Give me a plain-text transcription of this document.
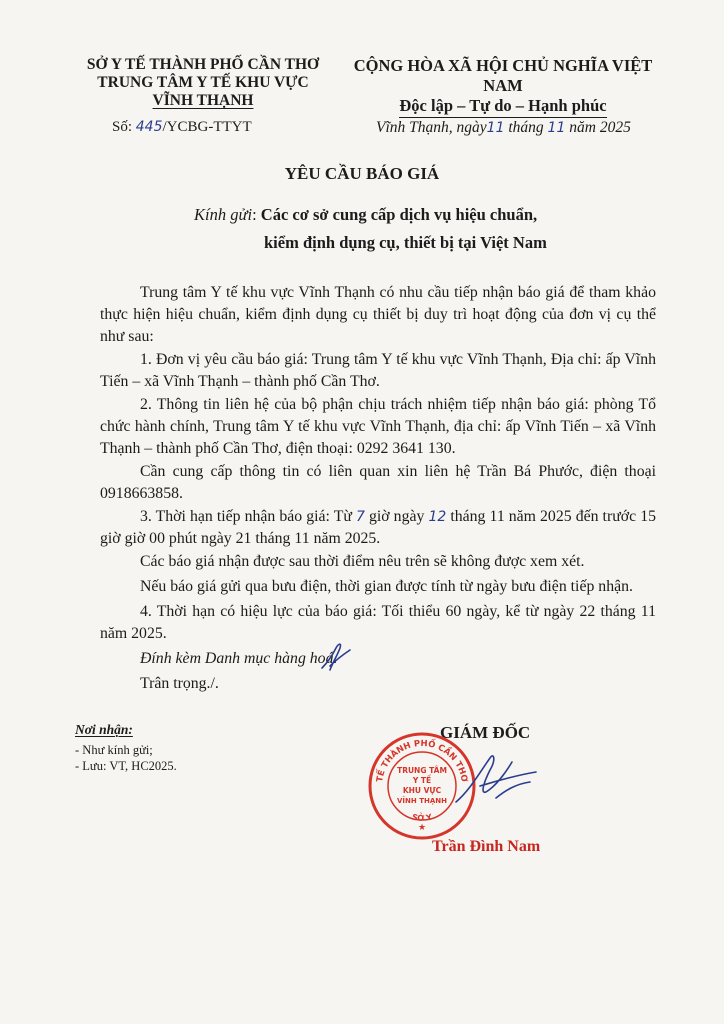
SỞ Y TẾ THÀNH PHỐ CẦN THƠ
TRUNG TÂM Y TẾ KHU VỰC
VĨNH THẠNH
CỘNG HÒA XÃ HỘI CHỦ NGHĨA VIỆT NAM
Độc lập – Tự do – Hạnh phúc
Số: 445/YCBG-TTYT	Vĩnh Thạnh, ngày11 tháng 11 năm 2025
YÊU CẦU BÁO GIÁ
Kính gửi: Các cơ sở cung cấp dịch vụ hiệu chuẩn,
kiểm định dụng cụ, thiết bị tại Việt Nam

Trung tâm Y tế khu vực Vĩnh Thạnh có nhu cầu tiếp nhận báo giá để tham khảo thực hiện hiệu chuẩn, kiểm định dụng cụ thiết bị duy trì hoạt động của đơn vị cụ thể như sau:

1. Đơn vị yêu cầu báo giá: Trung tâm Y tế khu vực Vĩnh Thạnh, Địa chỉ: ấp Vĩnh Tiến – xã Vĩnh Thạnh – thành phố Cần Thơ.

2. Thông tin liên hệ của bộ phận chịu trách nhiệm tiếp nhận báo giá: phòng Tổ chức hành chính, Trung tâm Y tế khu vực Vĩnh Thạnh, địa chỉ: ấp Vĩnh Tiến – xã Vĩnh Thạnh – thành phố Cần Thơ, điện thoại: 0292 3641 130.

Cần cung cấp thông tin có liên quan xin liên hệ Trần Bá Phước, điện thoại 0918663858.

3. Thời hạn tiếp nhận báo giá: Từ 7 giờ ngày 12 tháng 11 năm 2025 đến trước 15 giờ giờ 00 phút ngày 21 tháng 11 năm 2025.

Các báo giá nhận được sau thời điểm nêu trên sẽ không được xem xét.

Nếu báo giá gửi qua bưu điện, thời gian được tính từ ngày bưu điện tiếp nhận.

4. Thời hạn có hiệu lực của báo giá: Tối thiểu 60 ngày, kể từ ngày 22 tháng 11 năm 2025.

Đính kèm Danh mục hàng hoá.

Trân trọng./.

Nơi nhận:
- Như kính gửi;
- Lưu: VT, HC2025.
GIÁM ĐỐC
TẾ THÀNH PHỐ CẦN THƠ
SỞ Y
TRUNG TÂM
Y TẾ
KHU VỰC
VĨNH THẠNH
★
Trần Đình Nam
